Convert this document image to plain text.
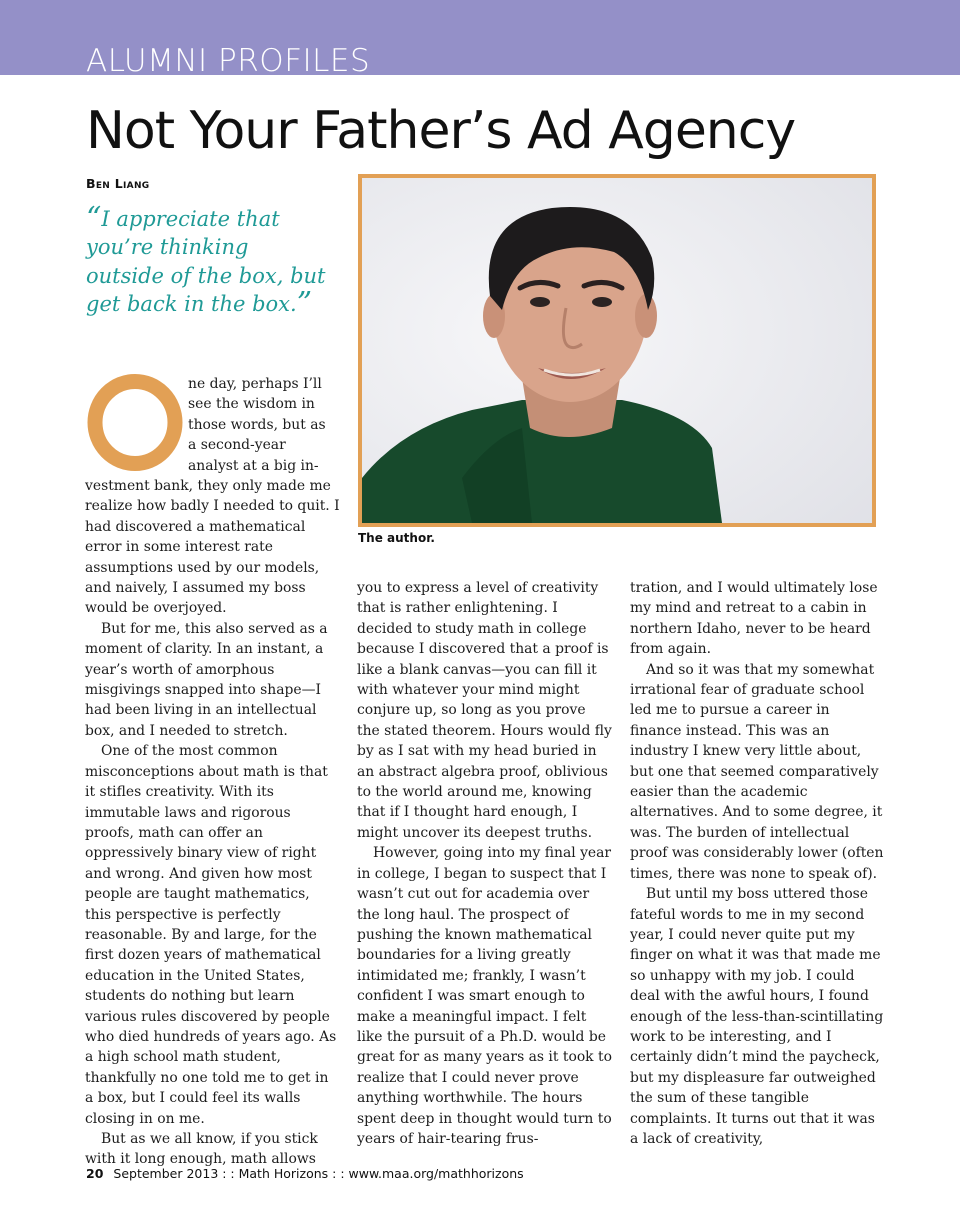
ALUMNI PROFILES
Not Your Father’s Ad Agency
Ben Liang
“I appreciate that you’re thinking outside of the box, but get back in the box.”
O

ne day, perhaps I’ll see the wisdom in those words, but as a second-year analyst at a big in-

vestment bank, they only made me realize how badly I needed to quit. I had discovered a mathematical error in some interest rate assumptions used by our models, and naively, I assumed my boss would be overjoyed.

But for me, this also served as a moment of clarity. In an instant, a year’s worth of amorphous misgivings snapped into shape—I had been living in an intellectual box, and I needed to stretch.

One of the most common misconceptions about math is that it stifles creativity. With its immutable laws and rigorous proofs, math can offer an oppressively binary view of right and wrong. And given how most people are taught mathematics, this perspective is perfectly reasonable. By and large, for the first dozen years of mathematical education in the United States, students do nothing but learn various rules discovered by people who died hundreds of years ago. As a high school math student, thankfully no one told me to get in a box, but I could feel its walls closing in on me.

But as we all know, if you stick with it long enough, math allows

The author.

you to express a level of creativity that is rather enlightening. I decided to study math in college because I discovered that a proof is like a blank canvas—you can fill it with whatever your mind might conjure up, so long as you prove the stated theorem. Hours would fly by as I sat with my head buried in an abstract algebra proof, oblivious to the world around me, knowing that if I thought hard enough, I might uncover its deepest truths.

However, going into my final year in college, I began to suspect that I wasn’t cut out for academia over the long haul. The prospect of pushing the known mathematical boundaries for a living greatly intimidated me; frankly, I wasn’t confident I was smart enough to make a meaningful impact. I felt like the pursuit of a Ph.D. would be great for as many years as it took to realize that I could never prove anything worthwhile. The hours spent deep in thought would turn to years of hair-tearing frus-

tration, and I would ultimately lose my mind and retreat to a cabin in northern Idaho, never to be heard from again.

And so it was that my somewhat irrational fear of graduate school led me to pursue a career in finance instead. This was an industry I knew very little about, but one that seemed comparatively easier than the academic alternatives. And to some degree, it was. The burden of intellectual proof was considerably lower (often times, there was none to speak of).

But until my boss uttered those fateful words to me in my second year, I could never quite put my finger on what it was that made me so unhappy with my job. I could deal with the awful hours, I found enough of the less-than-scintillating work to be interesting, and I certainly didn’t mind the paycheck, but my displeasure far outweighed the sum of these tangible complaints. It turns out that it was a lack of creativity,

20 September 2013 : : Math Horizons : : www.maa.org/mathhorizons
